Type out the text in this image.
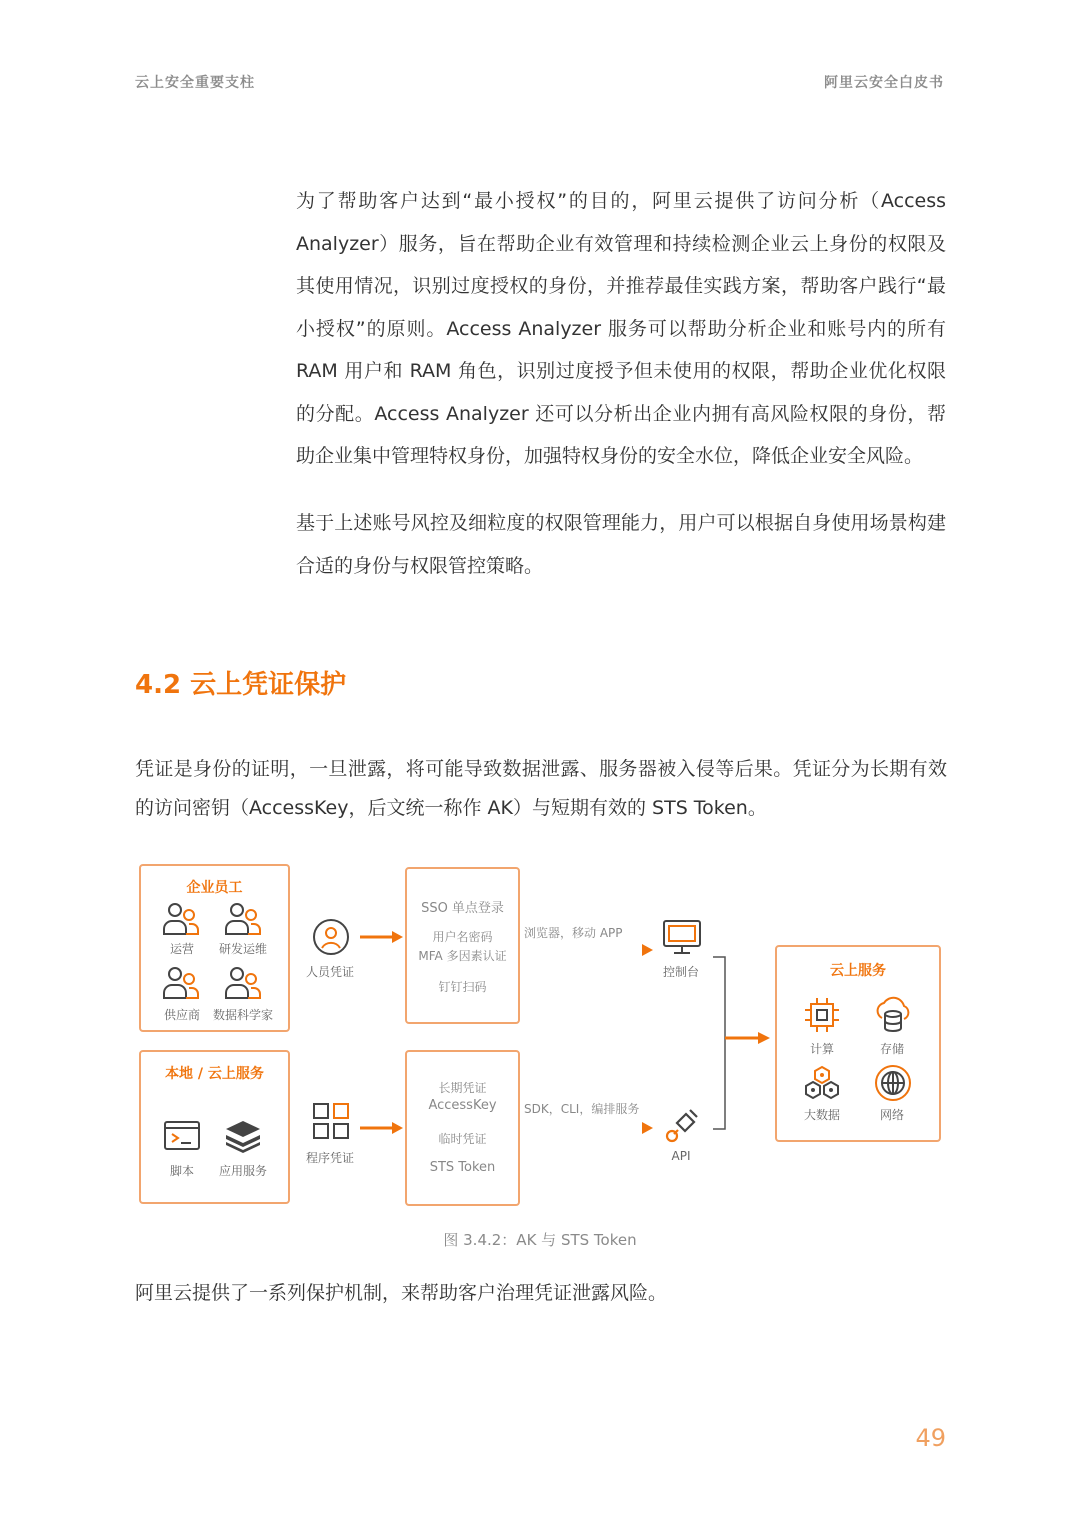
云上安全重要支柱	阿里云安全白皮书

为了帮助客户达到“最小授权”的目的，阿里云提供了访问分析（Access Analyzer）服务，旨在帮助企业有效管理和持续检测企业云上身份的权限及其使用情况，识别过度授权的身份，并推荐最佳实践方案，帮助客户践行“最小授权”的原则。Access Analyzer 服务可以帮助分析企业和账号内的所有 RAM 用户和 RAM 角色，识别过度授予但未使用的权限，帮助企业优化权限的分配。Access Analyzer 还可以分析出企业内拥有高风险权限的身份，帮助企业集中管理特权身份，加强特权身份的安全水位，降低企业安全风险。

基于上述账号风控及细粒度的权限管理能力，用户可以根据自身使用场景构建合适的身份与权限管控策略。

4.2 云上凭证保护

凭证是身份的证明，一旦泄露，将可能导致数据泄露、服务器被入侵等后果。凭证分为长期有效的访问密钥（AccessKey，后文统一称作 AK）与短期有效的 STS Token。

企业员工
运营 研发运维
供应商 数据科学家
本地 / 云上服务
脚本 应用服务
人员凭证
程序凭证
SSO 单点登录
用户名密码
MFA 多因素认证
钉钉扫码
长期凭证
AccessKey
临时凭证
STS Token
浏览器，移动 APP
SDK，CLI，编排服务
控制台
API
云上服务
计算	存储
大数据	网络
图 3.4.2：AK 与 STS Token

阿里云提供了一系列保护机制，来帮助客户治理凭证泄露风险。

49
